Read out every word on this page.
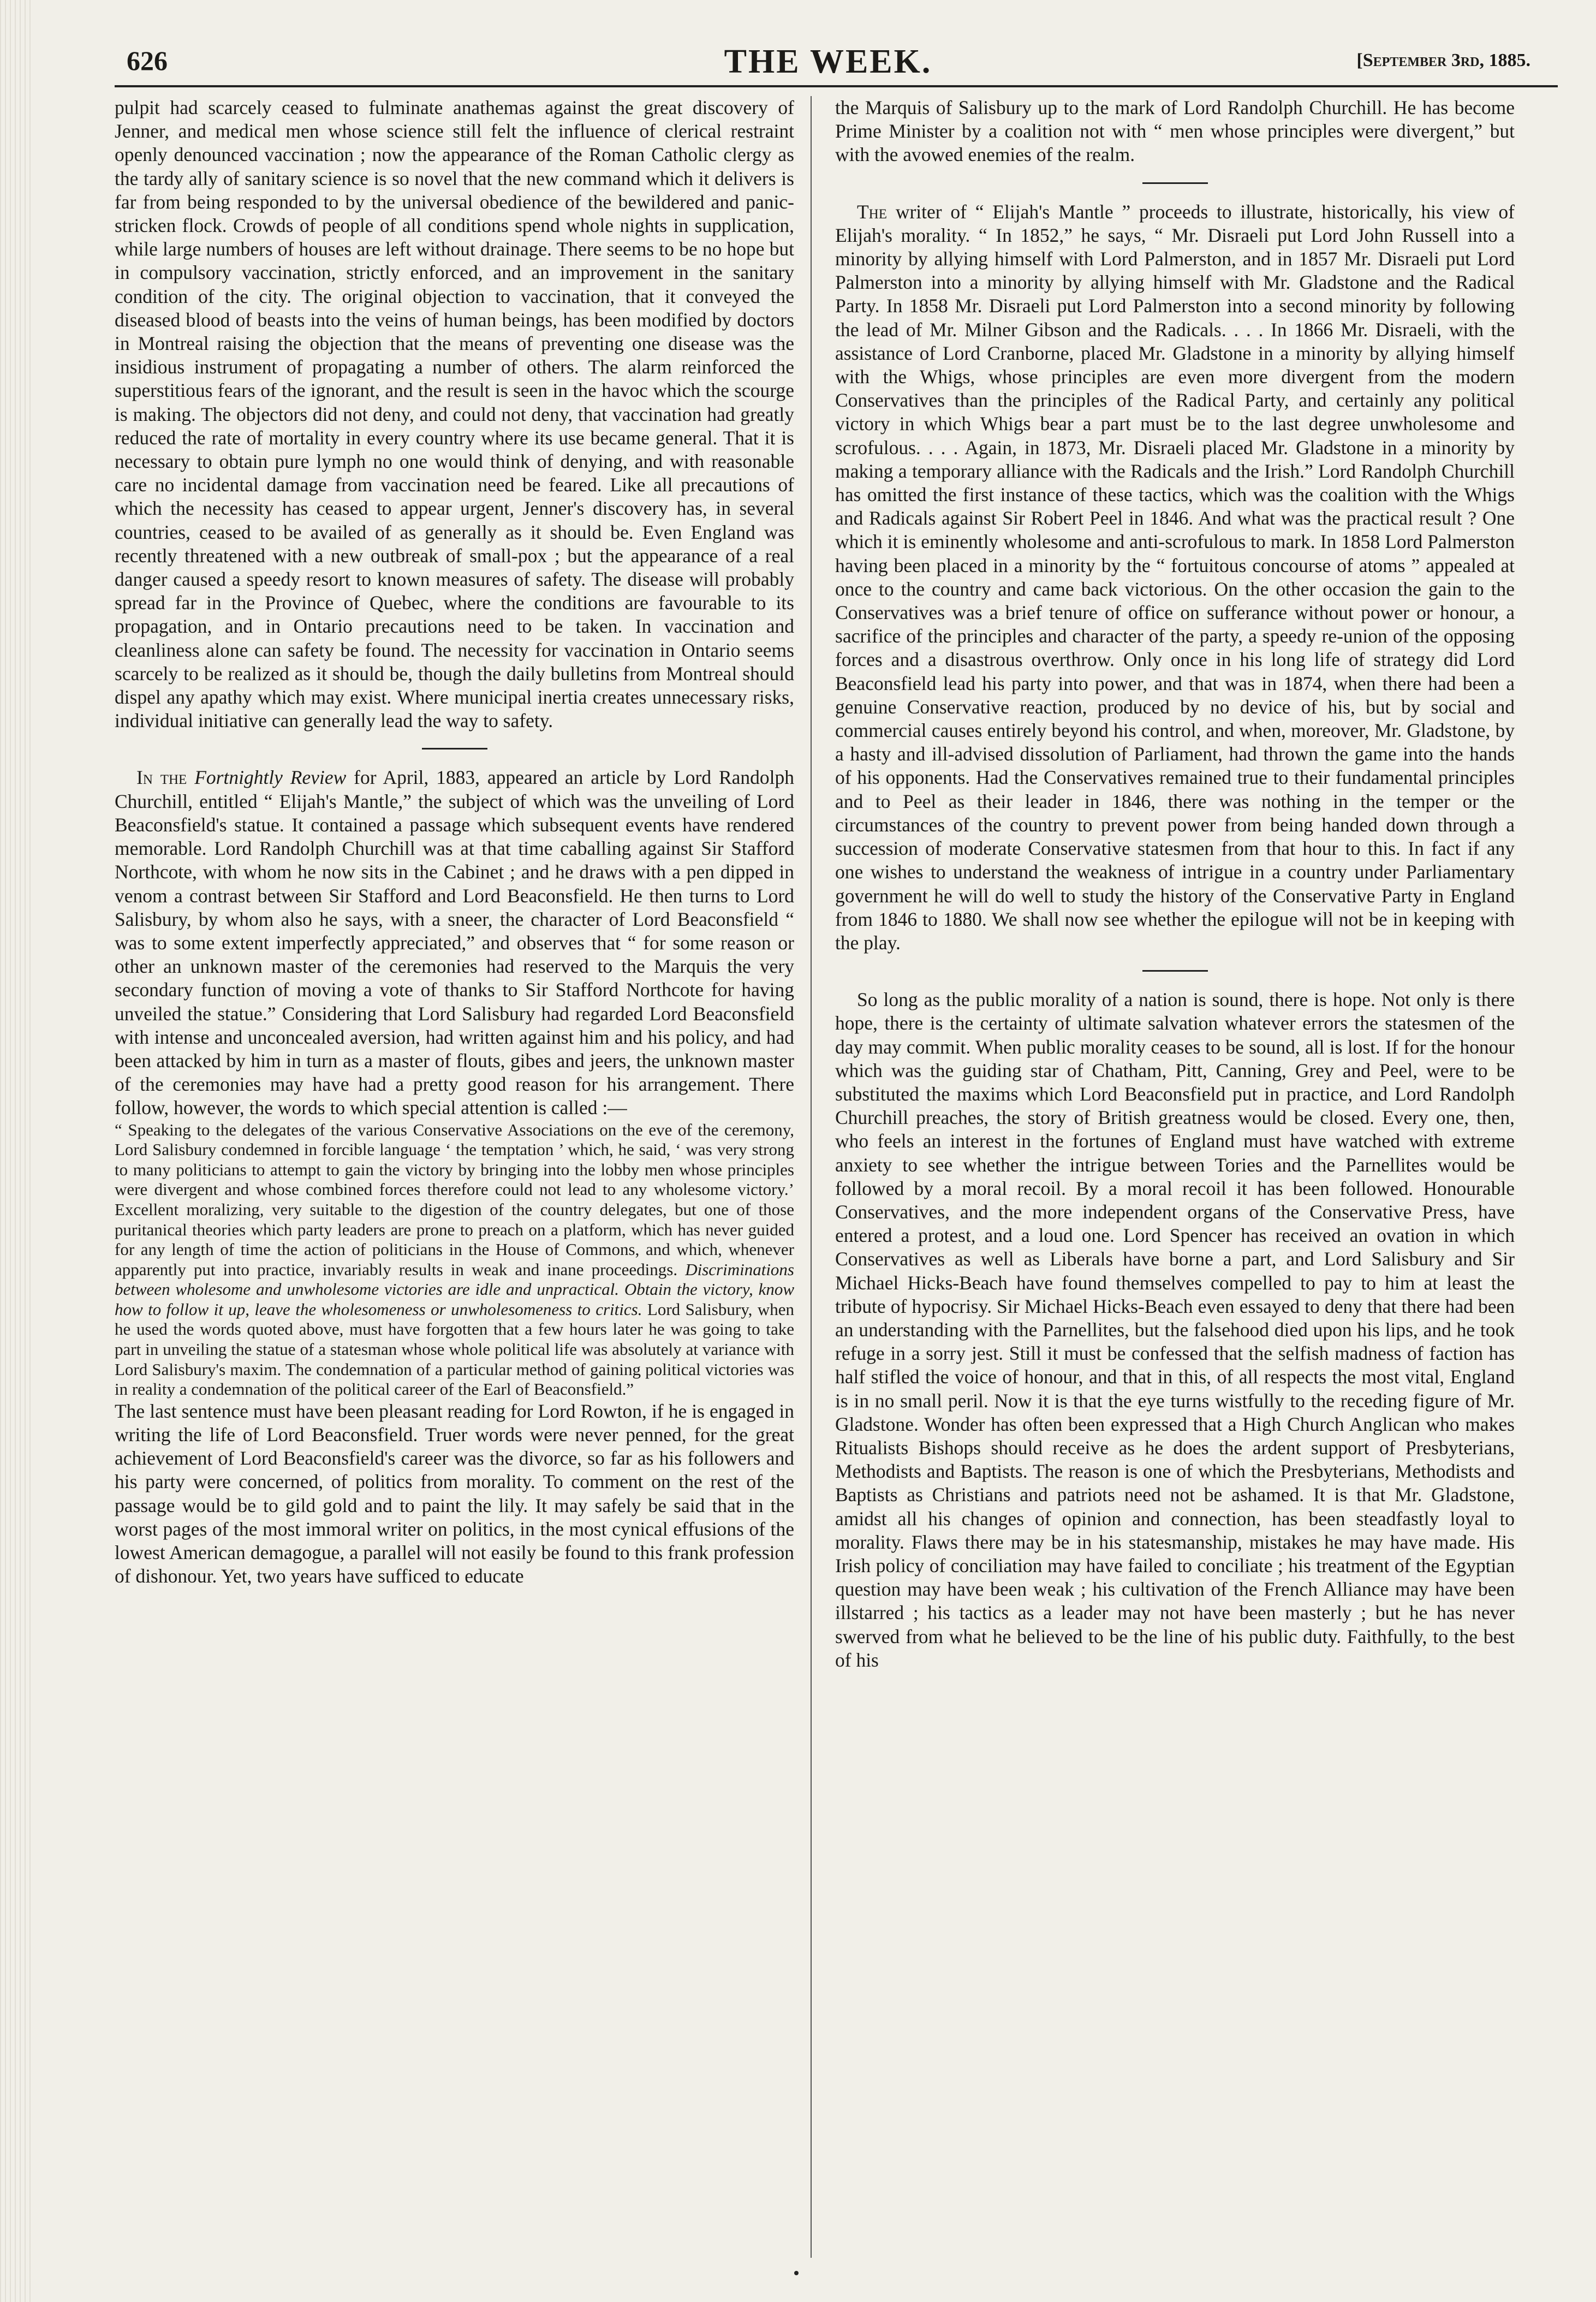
626	THE WEEK.	[September 3rd, 1885.

pulpit had scarcely ceased to fulminate anathemas against the great discovery of Jenner, and medical men whose science still felt the influence of clerical restraint openly denounced vaccination ; now the appearance of the Roman Catholic clergy as the tardy ally of sanitary science is so novel that the new command which it delivers is far from being responded to by the universal obedience of the bewildered and panic-stricken flock. Crowds of people of all conditions spend whole nights in supplication, while large numbers of houses are left without drainage. There seems to be no hope but in compulsory vaccination, strictly enforced, and an improvement in the sanitary condition of the city. The original objection to vaccination, that it conveyed the diseased blood of beasts into the veins of human beings, has been modified by doctors in Montreal raising the objection that the means of preventing one disease was the insidious instrument of propagating a number of others. The alarm reinforced the superstitious fears of the ignorant, and the result is seen in the havoc which the scourge is making. The objectors did not deny, and could not deny, that vaccination had greatly reduced the rate of mortality in every country where its use became general. That it is necessary to obtain pure lymph no one would think of denying, and with reasonable care no incidental damage from vaccination need be feared. Like all precautions of which the necessity has ceased to appear urgent, Jenner's discovery has, in several countries, ceased to be availed of as generally as it should be. Even England was recently threatened with a new outbreak of small-pox ; but the appearance of a real danger caused a speedy resort to known measures of safety. The disease will probably spread far in the Province of Quebec, where the conditions are favourable to its propagation, and in Ontario precautions need to be taken. In vaccination and cleanliness alone can safety be found. The necessity for vaccination in Ontario seems scarcely to be realized as it should be, though the daily bulletins from Montreal should dispel any apathy which may exist. Where municipal inertia creates unnecessary risks, individual initiative can generally lead the way to safety.

In the Fortnightly Review for April, 1883, appeared an article by Lord Randolph Churchill, entitled “ Elijah's Mantle,” the subject of which was the unveiling of Lord Beaconsfield's statue. It contained a passage which subsequent events have rendered memorable. Lord Randolph Churchill was at that time caballing against Sir Stafford Northcote, with whom he now sits in the Cabinet ; and he draws with a pen dipped in venom a contrast between Sir Stafford and Lord Beaconsfield. He then turns to Lord Salisbury, by whom also he says, with a sneer, the character of Lord Beaconsfield “ was to some extent imperfectly appreciated,” and observes that “ for some reason or other an unknown master of the ceremonies had reserved to the Marquis the very secondary function of moving a vote of thanks to Sir Stafford Northcote for having unveiled the statue.” Considering that Lord Salisbury had regarded Lord Beaconsfield with intense and unconcealed aversion, had written against him and his policy, and had been attacked by him in turn as a master of flouts, gibes and jeers, the unknown master of the ceremonies may have had a pretty good reason for his arrangement. There follow, however, the words to which special attention is called :—

“ Speaking to the delegates of the various Conservative Associations on the eve of the ceremony, Lord Salisbury condemned in forcible language ‘ the temptation ’ which, he said, ‘ was very strong to many politicians to attempt to gain the victory by bringing into the lobby men whose principles were divergent and whose combined forces therefore could not lead to any wholesome victory.’ Excellent moralizing, very suitable to the digestion of the country delegates, but one of those puritanical theories which party leaders are prone to preach on a platform, which has never guided for any length of time the action of politicians in the House of Commons, and which, whenever apparently put into practice, invariably results in weak and inane proceedings. Discriminations between wholesome and unwholesome victories are idle and unpractical. Obtain the victory, know how to follow it up, leave the wholesomeness or unwholesomeness to critics. Lord Salisbury, when he used the words quoted above, must have forgotten that a few hours later he was going to take part in unveiling the statue of a statesman whose whole political life was absolutely at variance with Lord Salisbury's maxim. The condemnation of a particular method of gaining political victories was in reality a condemnation of the political career of the Earl of Beaconsfield.”

The last sentence must have been pleasant reading for Lord Rowton, if he is engaged in writing the life of Lord Beaconsfield. Truer words were never penned, for the great achievement of Lord Beaconsfield's career was the divorce, so far as his followers and his party were concerned, of politics from morality. To comment on the rest of the passage would be to gild gold and to paint the lily. It may safely be said that in the worst pages of the most immoral writer on politics, in the most cynical effusions of the lowest American demagogue, a parallel will not easily be found to this frank profession of dishonour. Yet, two years have sufficed to educate

the Marquis of Salisbury up to the mark of Lord Randolph Churchill. He has become Prime Minister by a coalition not with “ men whose principles were divergent,” but with the avowed enemies of the realm.

The writer of “ Elijah's Mantle ” proceeds to illustrate, historically, his view of Elijah's morality. “ In 1852,” he says, “ Mr. Disraeli put Lord John Russell into a minority by allying himself with Lord Palmerston, and in 1857 Mr. Disraeli put Lord Palmerston into a minority by allying himself with Mr. Gladstone and the Radical Party. In 1858 Mr. Disraeli put Lord Palmerston into a second minority by following the lead of Mr. Milner Gibson and the Radicals. . . . In 1866 Mr. Disraeli, with the assistance of Lord Cranborne, placed Mr. Gladstone in a minority by allying himself with the Whigs, whose principles are even more divergent from the modern Conservatives than the principles of the Radical Party, and certainly any political victory in which Whigs bear a part must be to the last degree unwholesome and scrofulous. . . . Again, in 1873, Mr. Disraeli placed Mr. Gladstone in a minority by making a temporary alliance with the Radicals and the Irish.” Lord Randolph Churchill has omitted the first instance of these tactics, which was the coalition with the Whigs and Radicals against Sir Robert Peel in 1846. And what was the practical result ? One which it is eminently wholesome and anti-scrofulous to mark. In 1858 Lord Palmerston having been placed in a minority by the “ fortuitous concourse of atoms ” appealed at once to the country and came back victorious. On the other occasion the gain to the Conservatives was a brief tenure of office on sufferance without power or honour, a sacrifice of the principles and character of the party, a speedy re-union of the opposing forces and a disastrous overthrow. Only once in his long life of strategy did Lord Beaconsfield lead his party into power, and that was in 1874, when there had been a genuine Conservative reaction, produced by no device of his, but by social and commercial causes entirely beyond his control, and when, moreover, Mr. Gladstone, by a hasty and ill-advised dissolution of Parliament, had thrown the game into the hands of his opponents. Had the Conservatives remained true to their fundamental principles and to Peel as their leader in 1846, there was nothing in the temper or the circumstances of the country to prevent power from being handed down through a succession of moderate Conservative statesmen from that hour to this. In fact if any one wishes to understand the weakness of intrigue in a country under Parliamentary government he will do well to study the history of the Conservative Party in England from 1846 to 1880. We shall now see whether the epilogue will not be in keeping with the play.

So long as the public morality of a nation is sound, there is hope. Not only is there hope, there is the certainty of ultimate salvation whatever errors the statesmen of the day may commit. When public morality ceases to be sound, all is lost. If for the honour which was the guiding star of Chatham, Pitt, Canning, Grey and Peel, were to be substituted the maxims which Lord Beaconsfield put in practice, and Lord Randolph Churchill preaches, the story of British greatness would be closed. Every one, then, who feels an interest in the fortunes of England must have watched with extreme anxiety to see whether the intrigue between Tories and the Parnellites would be followed by a moral recoil. By a moral recoil it has been followed. Honourable Conservatives, and the more independent organs of the Conservative Press, have entered a protest, and a loud one. Lord Spencer has received an ovation in which Conservatives as well as Liberals have borne a part, and Lord Salisbury and Sir Michael Hicks-Beach have found themselves compelled to pay to him at least the tribute of hypocrisy. Sir Michael Hicks-Beach even essayed to deny that there had been an understanding with the Parnellites, but the falsehood died upon his lips, and he took refuge in a sorry jest. Still it must be confessed that the selfish madness of faction has half stifled the voice of honour, and that in this, of all respects the most vital, England is in no small peril. Now it is that the eye turns wistfully to the receding figure of Mr. Gladstone. Wonder has often been expressed that a High Church Anglican who makes Ritualists Bishops should receive as he does the ardent support of Presbyterians, Methodists and Baptists. The reason is one of which the Presbyterians, Methodists and Baptists as Christians and patriots need not be ashamed. It is that Mr. Gladstone, amidst all his changes of opinion and connection, has been steadfastly loyal to morality. Flaws there may be in his statesmanship, mistakes he may have made. His Irish policy of conciliation may have failed to conciliate ; his treatment of the Egyptian question may have been weak ; his cultivation of the French Alliance may have been illstarred ; his tactics as a leader may not have been masterly ; but he has never swerved from what he believed to be the line of his public duty. Faithfully, to the best of his
